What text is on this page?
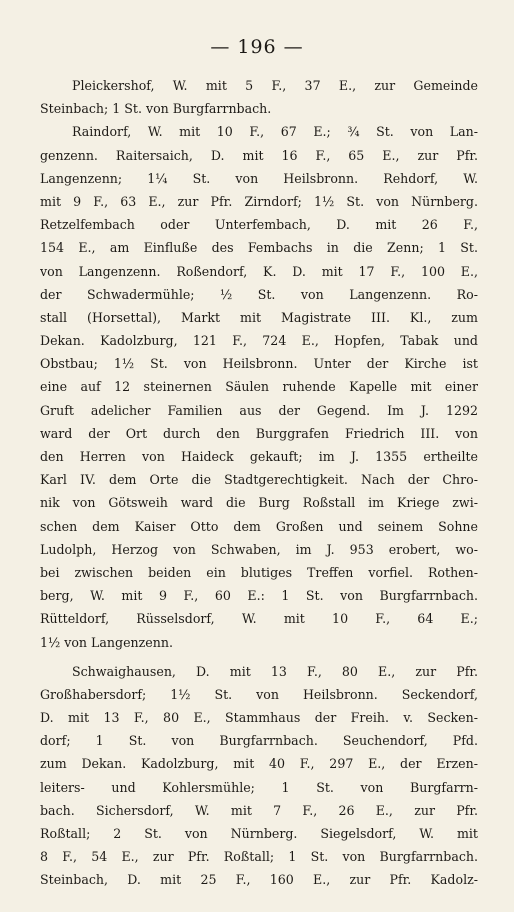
— 196 —
Pleickershof, W. mit 5 F., 37 E., zur Gemeinde
Steinbach; 1 St. von Burgfarrnbach.
Raindorf, W. mit 10 F., 67 E.; ¾ St. von Lan-
genzenn. Raitersaich, D. mit 16 F., 65 E., zur Pfr.
Langenzenn; 1¼ St. von Heilsbronn. Rehdorf, W.
mit 9 F., 63 E., zur Pfr. Zirndorf; 1½ St. von Nürnberg.
Retzelfembach oder Unterfembach, D. mit 26 F.,
154 E., am Einfluße des Fembachs in die Zenn; 1 St.
von Langenzenn. Roßendorf, K. D. mit 17 F., 100 E.,
der Schwadermühle; ½ St. von Langenzenn. Ro-
stall (Horsettal), Markt mit Magistrate III. Kl., zum
Dekan. Kadolzburg, 121 F., 724 E., Hopfen, Tabak und
Obstbau; 1½ St. von Heilsbronn. Unter der Kirche ist
eine auf 12 steinernen Säulen ruhende Kapelle mit einer
Gruft adelicher Familien aus der Gegend. Im J. 1292
ward der Ort durch den Burggrafen Friedrich III. von
den Herren von Haideck gekauft; im J. 1355 ertheilte
Karl IV. dem Orte die Stadtgerechtigkeit. Nach der Chro-
nik von Götsweih ward die Burg Roßstall im Kriege zwi-
schen dem Kaiser Otto dem Großen und seinem Sohne
Ludolph, Herzog von Schwaben, im J. 953 erobert, wo-
bei zwischen beiden ein blutiges Treffen vorfiel. Rothen-
berg, W. mit 9 F., 60 E.: 1 St. von Burgfarrnbach.
Rütteldorf, Rüsselsdorf, W. mit 10 F., 64 E.;
1½ von Langenzenn.
Schwaighausen, D. mit 13 F., 80 E., zur Pfr.
Großhabersdorf; 1½ St. von Heilsbronn. Seckendorf,
D. mit 13 F., 80 E., Stammhaus der Freih. v. Secken-
dorf; 1 St. von Burgfarrnbach. Seuchendorf, Pfd.
zum Dekan. Kadolzburg, mit 40 F., 297 E., der Erzen-
leiters- und Kohlersmühle; 1 St. von Burgfarrn-
bach. Sichersdorf, W. mit 7 F., 26 E., zur Pfr.
Roßtall; 2 St. von Nürnberg. Siegelsdorf, W. mit
8 F., 54 E., zur Pfr. Roßtall; 1 St. von Burgfarrnbach.
Steinbach, D. mit 25 F., 160 E., zur Pfr. Kadolz-
